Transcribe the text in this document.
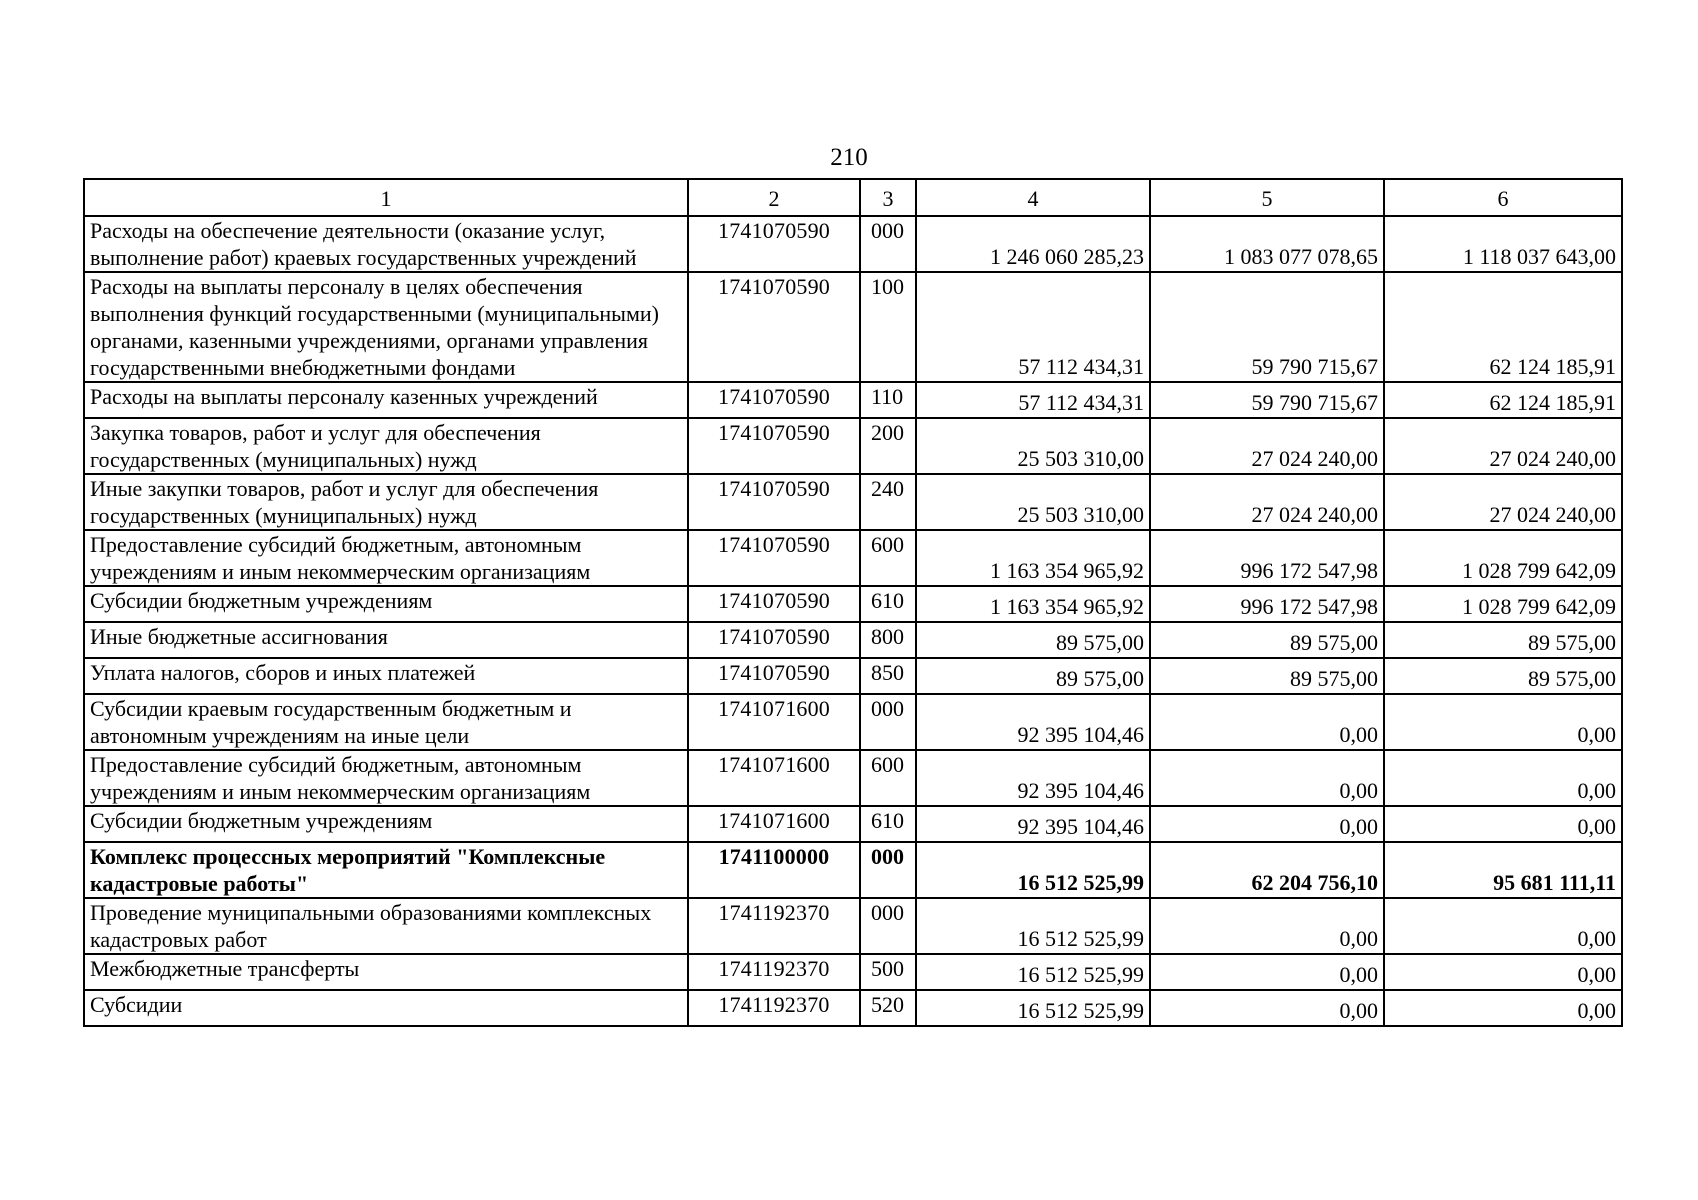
210
1	2	3	4	5	6
Расходы на обеспечение деятельности (оказание услуг, выполнение работ) краевых государственных учреждений	1741070590	000	1 246 060 285,23	1 083 077 078,65	1 118 037 643,00
Расходы на выплаты персоналу в целях обеспечения выполнения функций государственными (муниципальными) органами, казенными учреждениями, органами управления государственными внебюджетными фондами	1741070590	100	57 112 434,31	59 790 715,67	62 124 185,91
Расходы на выплаты персоналу казенных учреждений	1741070590	110	57 112 434,31	59 790 715,67	62 124 185,91
Закупка товаров, работ и услуг для обеспечения государственных (муниципальных) нужд	1741070590	200	25 503 310,00	27 024 240,00	27 024 240,00
Иные закупки товаров, работ и услуг для обеспечения государственных (муниципальных) нужд	1741070590	240	25 503 310,00	27 024 240,00	27 024 240,00
Предоставление субсидий бюджетным, автономным учреждениям и иным некоммерческим организациям	1741070590	600	1 163 354 965,92	996 172 547,98	1 028 799 642,09
Субсидии бюджетным учреждениям	1741070590	610	1 163 354 965,92	996 172 547,98	1 028 799 642,09
Иные бюджетные ассигнования	1741070590	800	89 575,00	89 575,00	89 575,00
Уплата налогов, сборов и иных платежей	1741070590	850	89 575,00	89 575,00	89 575,00
Субсидии краевым государственным бюджетным и автономным учреждениям на иные цели	1741071600	000	92 395 104,46	0,00	0,00
Предоставление субсидий бюджетным, автономным учреждениям и иным некоммерческим организациям	1741071600	600	92 395 104,46	0,00	0,00
Субсидии бюджетным учреждениям	1741071600	610	92 395 104,46	0,00	0,00
Комплекс процессных мероприятий "Комплексные кадастровые работы"	1741100000	000	16 512 525,99	62 204 756,10	95 681 111,11
Проведение муниципальными образованиями комплексных кадастровых работ	1741192370	000	16 512 525,99	0,00	0,00
Межбюджетные трансферты	1741192370	500	16 512 525,99	0,00	0,00
Субсидии	1741192370	520	16 512 525,99	0,00	0,00
